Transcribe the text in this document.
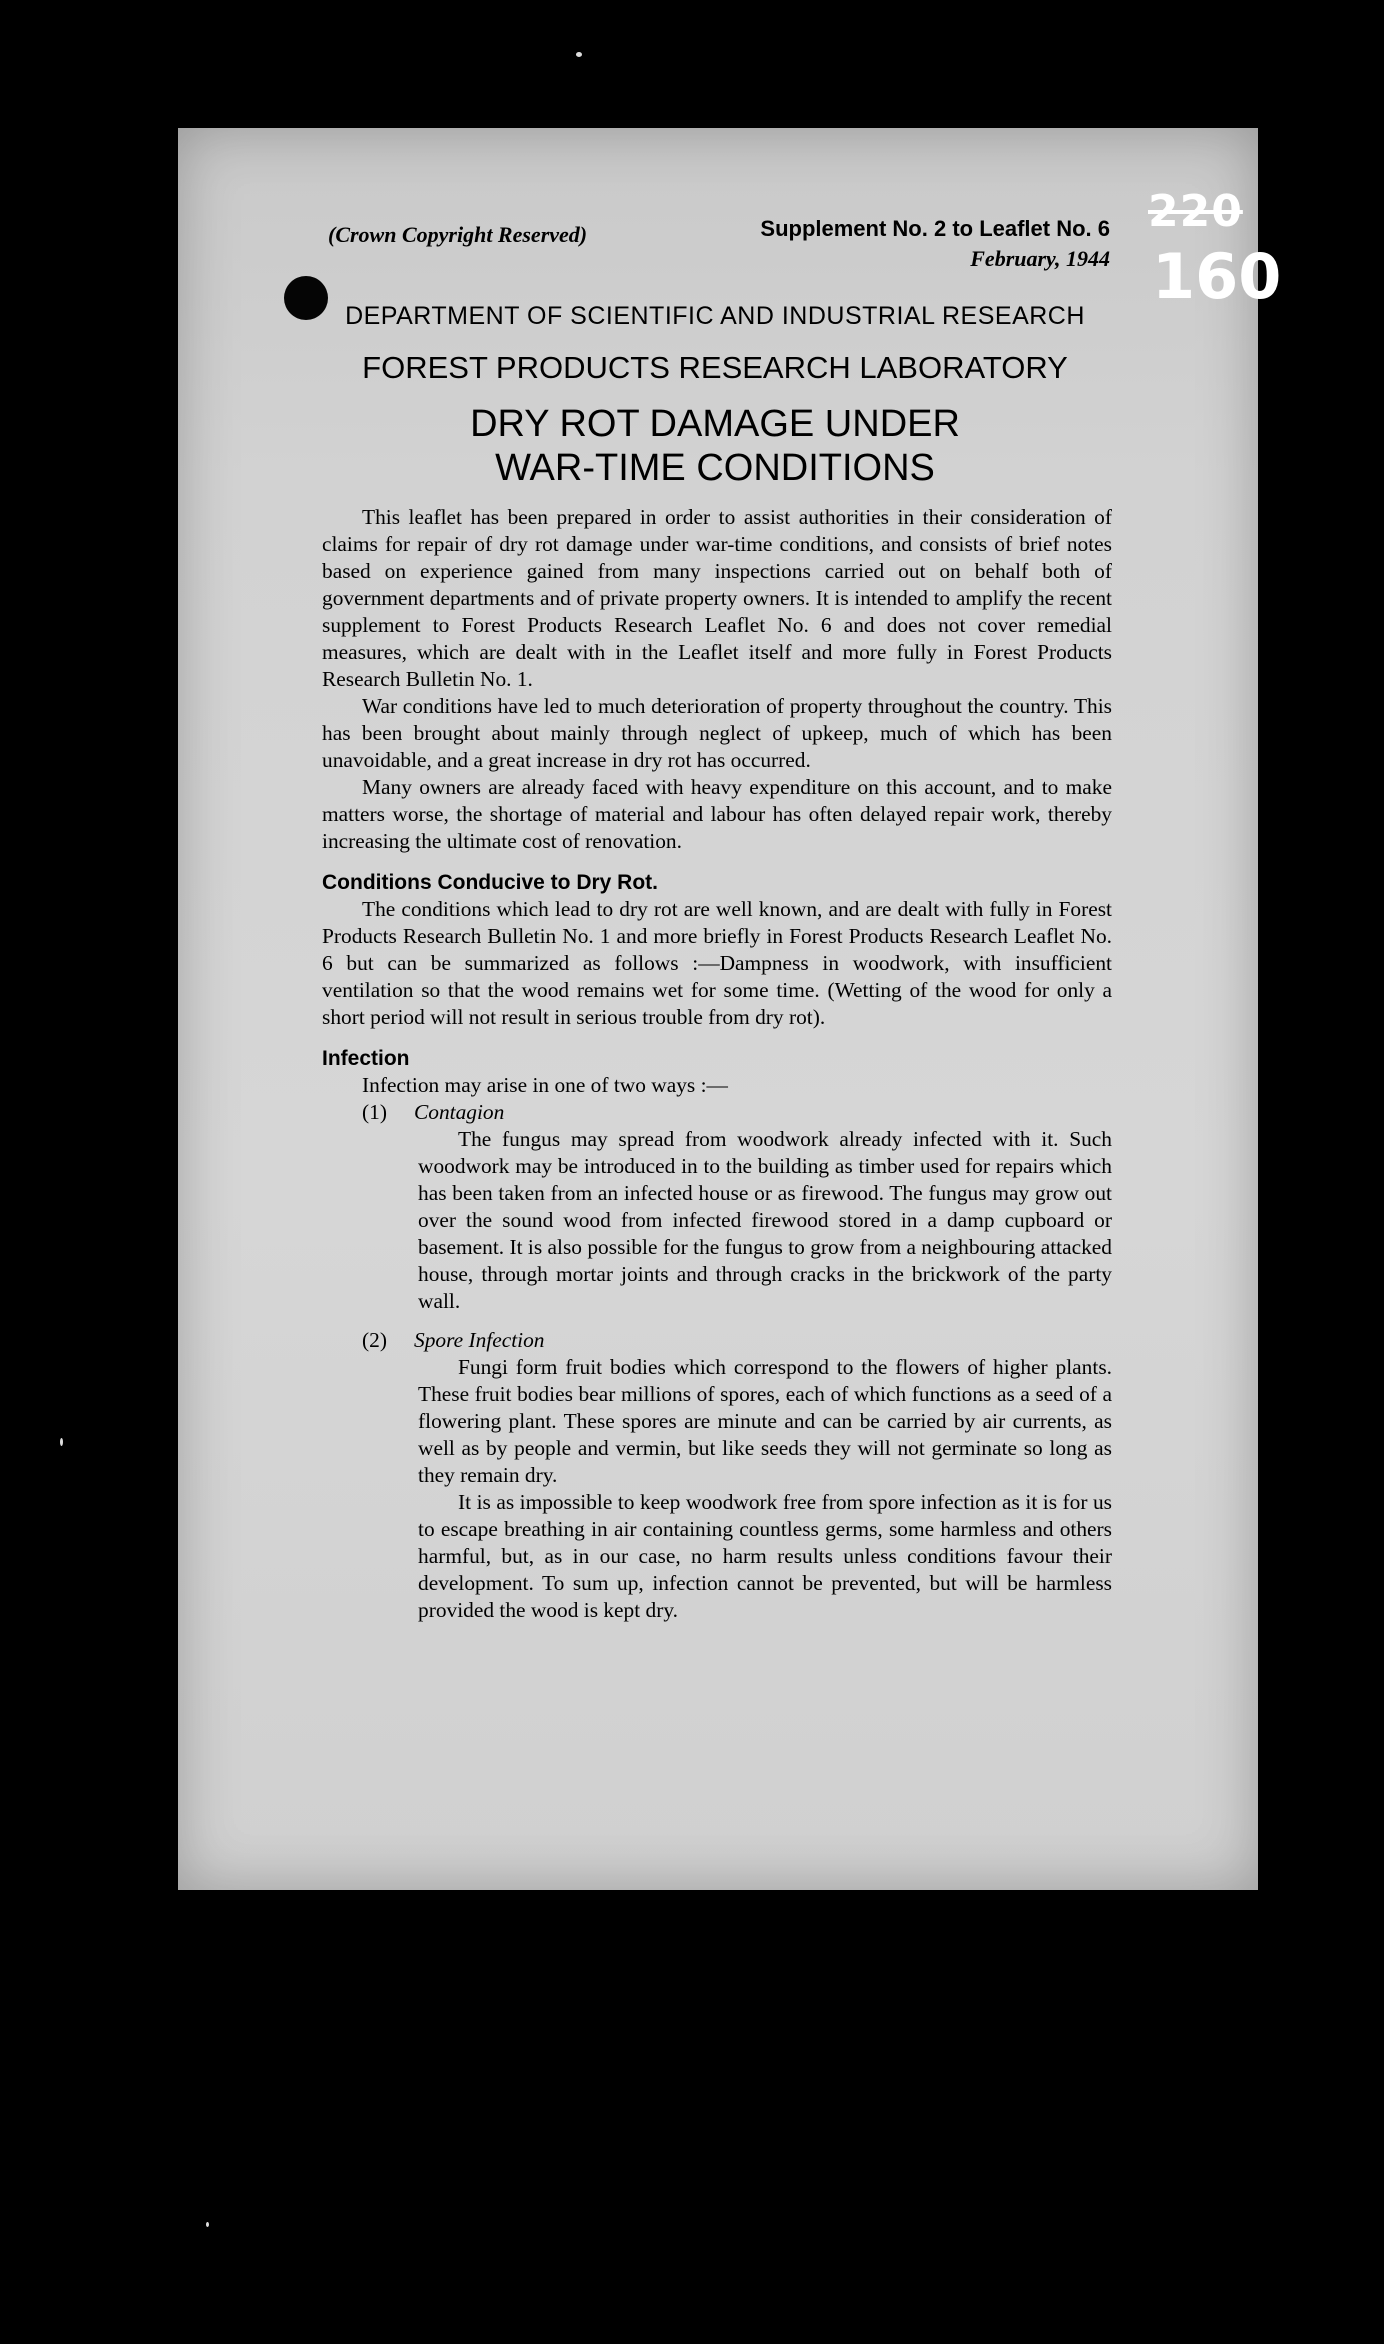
220
160
(Crown Copyright Reserved)	Supplement No. 2 to Leaflet No. 6
February, 1944
DEPARTMENT OF SCIENTIFIC AND INDUSTRIAL RESEARCH
FOREST PRODUCTS RESEARCH LABORATORY
DRY ROT DAMAGE UNDER
WAR-TIME CONDITIONS

This leaflet has been prepared in order to assist authorities in their consideration of claims for repair of dry rot damage under war-time conditions, and consists of brief notes based on experience gained from many inspections carried out on behalf both of government departments and of private property owners. It is intended to amplify the recent supplement to Forest Products Research Leaflet No. 6 and does not cover remedial measures, which are dealt with in the Leaflet itself and more fully in Forest Products Research Bulletin No. 1.

War conditions have led to much deterioration of property throughout the country. This has been brought about mainly through neglect of upkeep, much of which has been unavoidable, and a great increase in dry rot has occurred.

Many owners are already faced with heavy expenditure on this account, and to make matters worse, the shortage of material and labour has often delayed repair work, thereby increasing the ultimate cost of renovation.

Conditions Conducive to Dry Rot.

The conditions which lead to dry rot are well known, and are dealt with fully in Forest Products Research Bulletin No. 1 and more briefly in Forest Products Research Leaflet No. 6 but can be summarized as follows :—Dampness in woodwork, with insufficient ventilation so that the wood remains wet for some time. (Wetting of the wood for only a short period will not result in serious trouble from dry rot).

Infection

Infection may arise in one of two ways :—

(1) Contagion

The fungus may spread from woodwork already infected with it. Such woodwork may be introduced in to the building as timber used for repairs which has been taken from an infected house or as firewood. The fungus may grow out over the sound wood from infected firewood stored in a damp cupboard or basement. It is also possible for the fungus to grow from a neighbouring attacked house, through mortar joints and through cracks in the brickwork of the party wall.

(2) Spore Infection

Fungi form fruit bodies which correspond to the flowers of higher plants. These fruit bodies bear millions of spores, each of which functions as a seed of a flowering plant. These spores are minute and can be carried by air currents, as well as by people and vermin, but like seeds they will not germinate so long as they remain dry.

It is as impossible to keep woodwork free from spore infection as it is for us to escape breathing in air containing countless germs, some harmless and others harmful, but, as in our case, no harm results unless conditions favour their development. To sum up, infection cannot be prevented, but will be harmless provided the wood is kept dry.
